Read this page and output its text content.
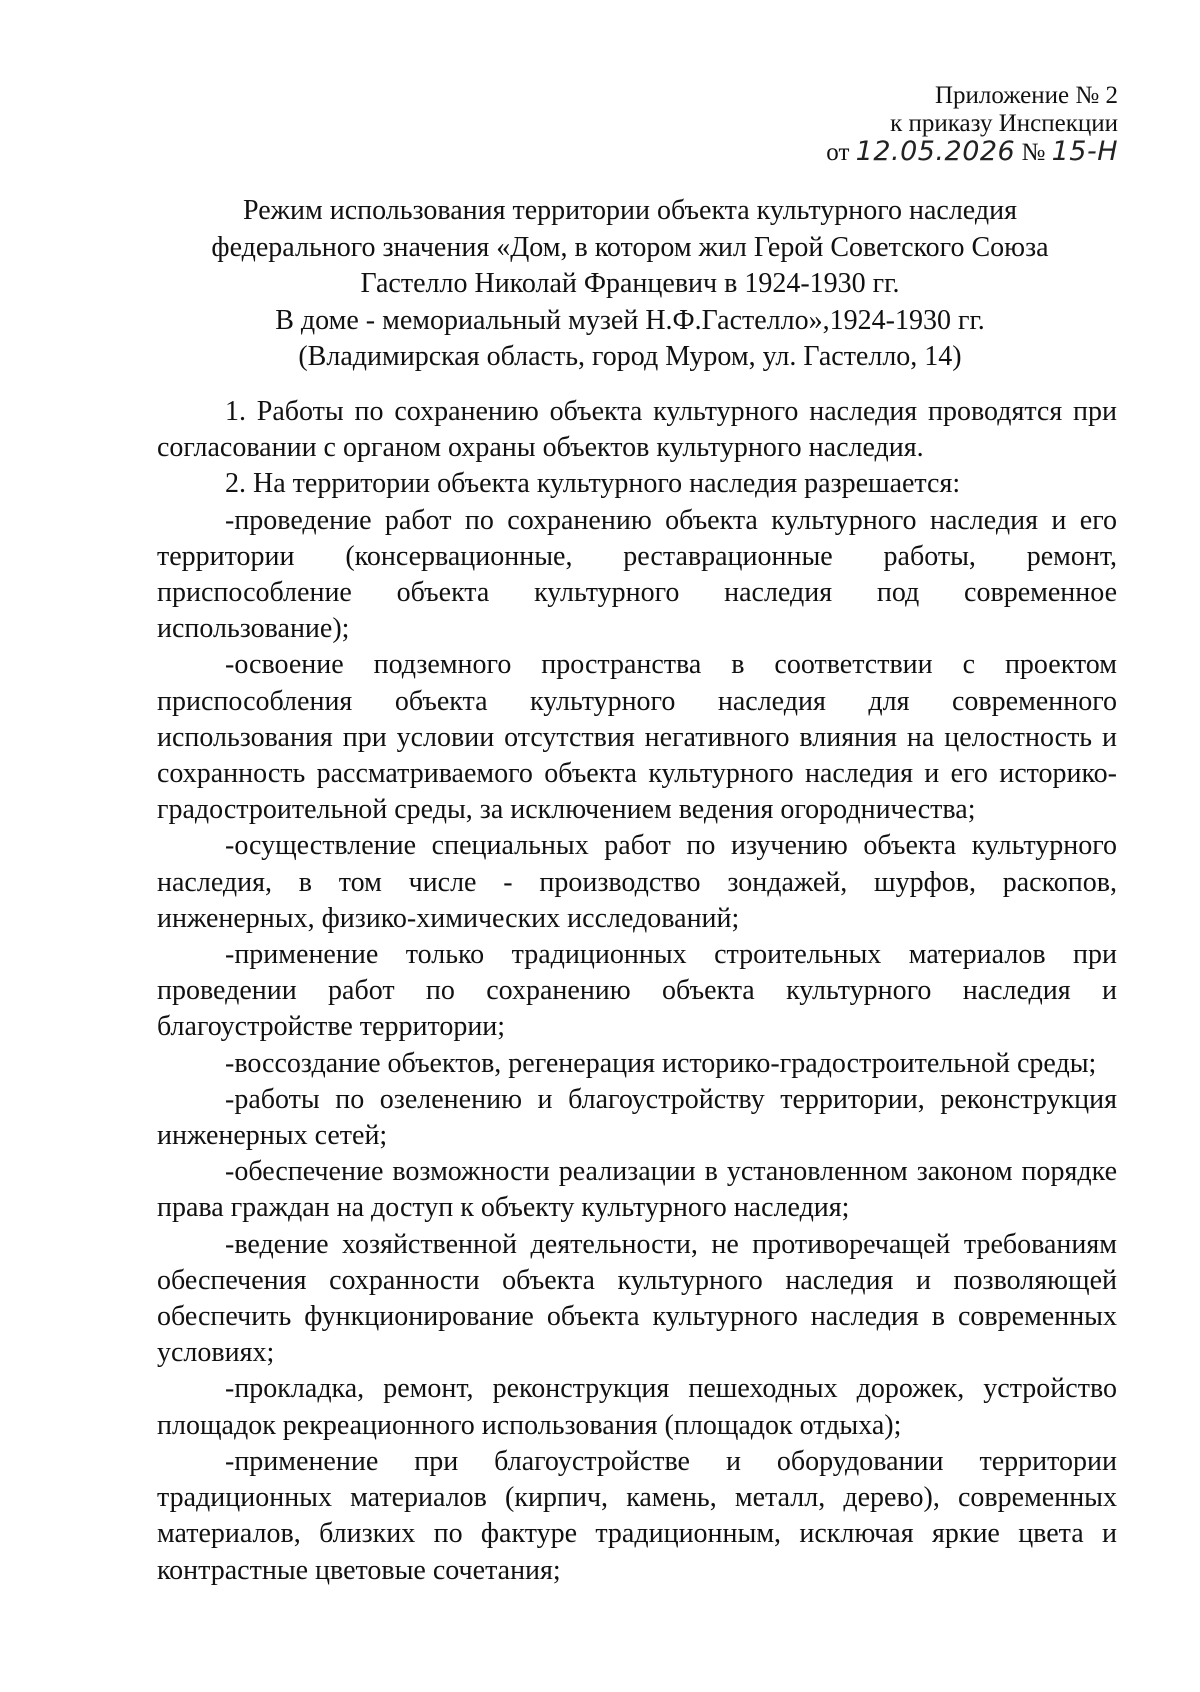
Приложение № 2
к приказу Инспекции
от 12.05.2026 № 15-Н
Режим использования территории объекта культурного наследия
федерального значения «Дом, в котором жил Герой Советского Союза
Гастелло Николай Францевич в 1924-1930 гг.
В доме - мемориальный музей Н.Ф.Гастелло»,1924-1930 гг.
(Владимирская область, город Муром, ул. Гастелло, 14)

1. Работы по сохранению объекта культурного наследия проводятся при согласовании с органом охраны объектов культурного наследия.

2. На территории объекта культурного наследия разрешается:

-проведение работ по сохранению объекта культурного наследия и его территории (консервационные, реставрационные работы, ремонт, приспособление объекта культурного наследия под современное использование);

-освоение подземного пространства в соответствии с проектом приспособления объекта культурного наследия для современного использования при условии отсутствия негативного влияния на целостность и сохранность рассматриваемого объекта культурного наследия и его историко-градостроительной среды, за исключением ведения огородничества;

-осуществление специальных работ по изучению объекта культурного наследия, в том числе - производство зондажей, шурфов, раскопов, инженерных, физико-химических исследований;

-применение только традиционных строительных материалов при проведении работ по сохранению объекта культурного наследия и благоустройстве территории;

-воссоздание объектов, регенерация историко-градостроительной среды;

-работы по озеленению и благоустройству территории, реконструкция инженерных сетей;

-обеспечение возможности реализации в установленном законом порядке права граждан на доступ к объекту культурного наследия;

-ведение хозяйственной деятельности, не противоречащей требованиям обеспечения сохранности объекта культурного наследия и позволяющей обеспечить функционирование объекта культурного наследия в современных условиях;

-прокладка, ремонт, реконструкция пешеходных дорожек, устройство площадок рекреационного использования (площадок отдыха);

-применение при благоустройстве и оборудовании территории традиционных материалов (кирпич, камень, металл, дерево), современных материалов, близких по фактуре традиционным, исключая яркие цвета и контрастные цветовые сочетания;
